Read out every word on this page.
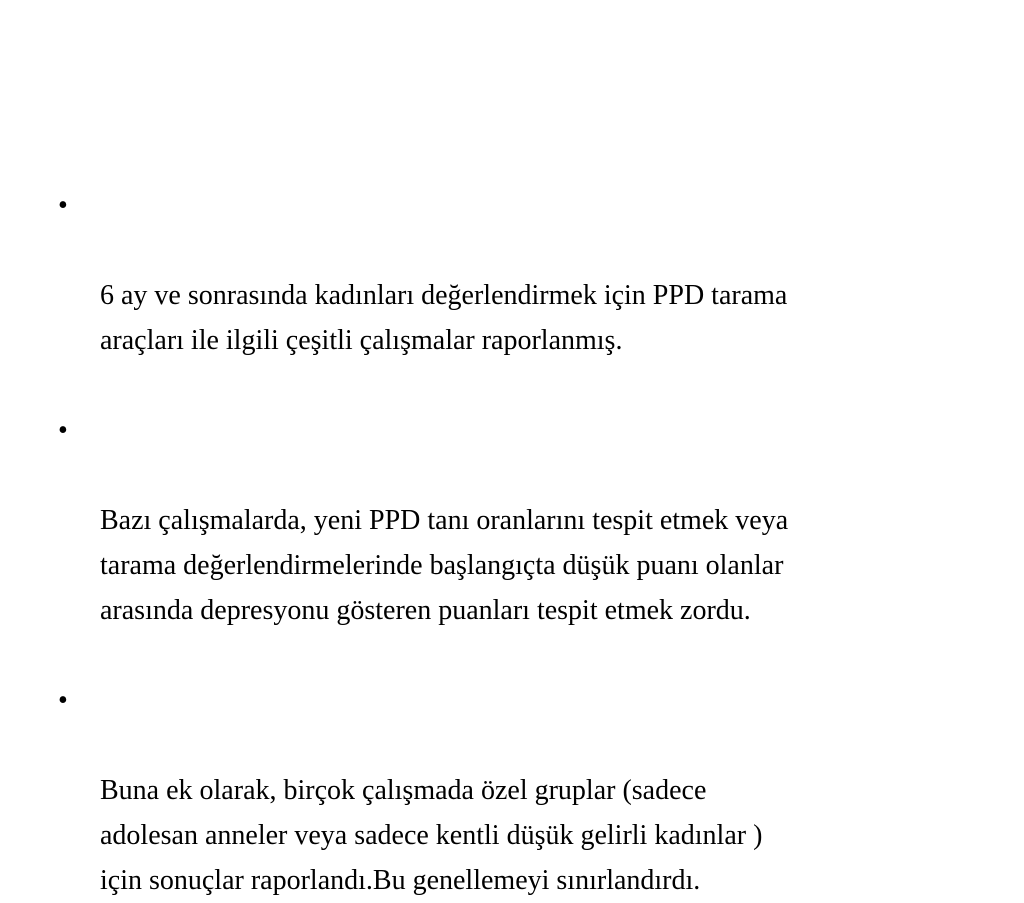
•

6 ay ve sonrasında kadınları değerlendirmek için PPD tarama
araçları ile ilgili çeşitli çalışmalar raporlanmış.

•

Bazı çalışmalarda, yeni PPD tanı oranlarını tespit etmek veya
tarama değerlendirmelerinde başlangıçta düşük puanı olanlar
arasında depresyonu gösteren puanları tespit etmek zordu.

•

Buna ek olarak, birçok çalışmada özel gruplar (sadece
adolesan anneler veya sadece kentli düşük gelirli kadınlar )
için sonuçlar raporlandı.Bu genellemeyi sınırlandırdı.
